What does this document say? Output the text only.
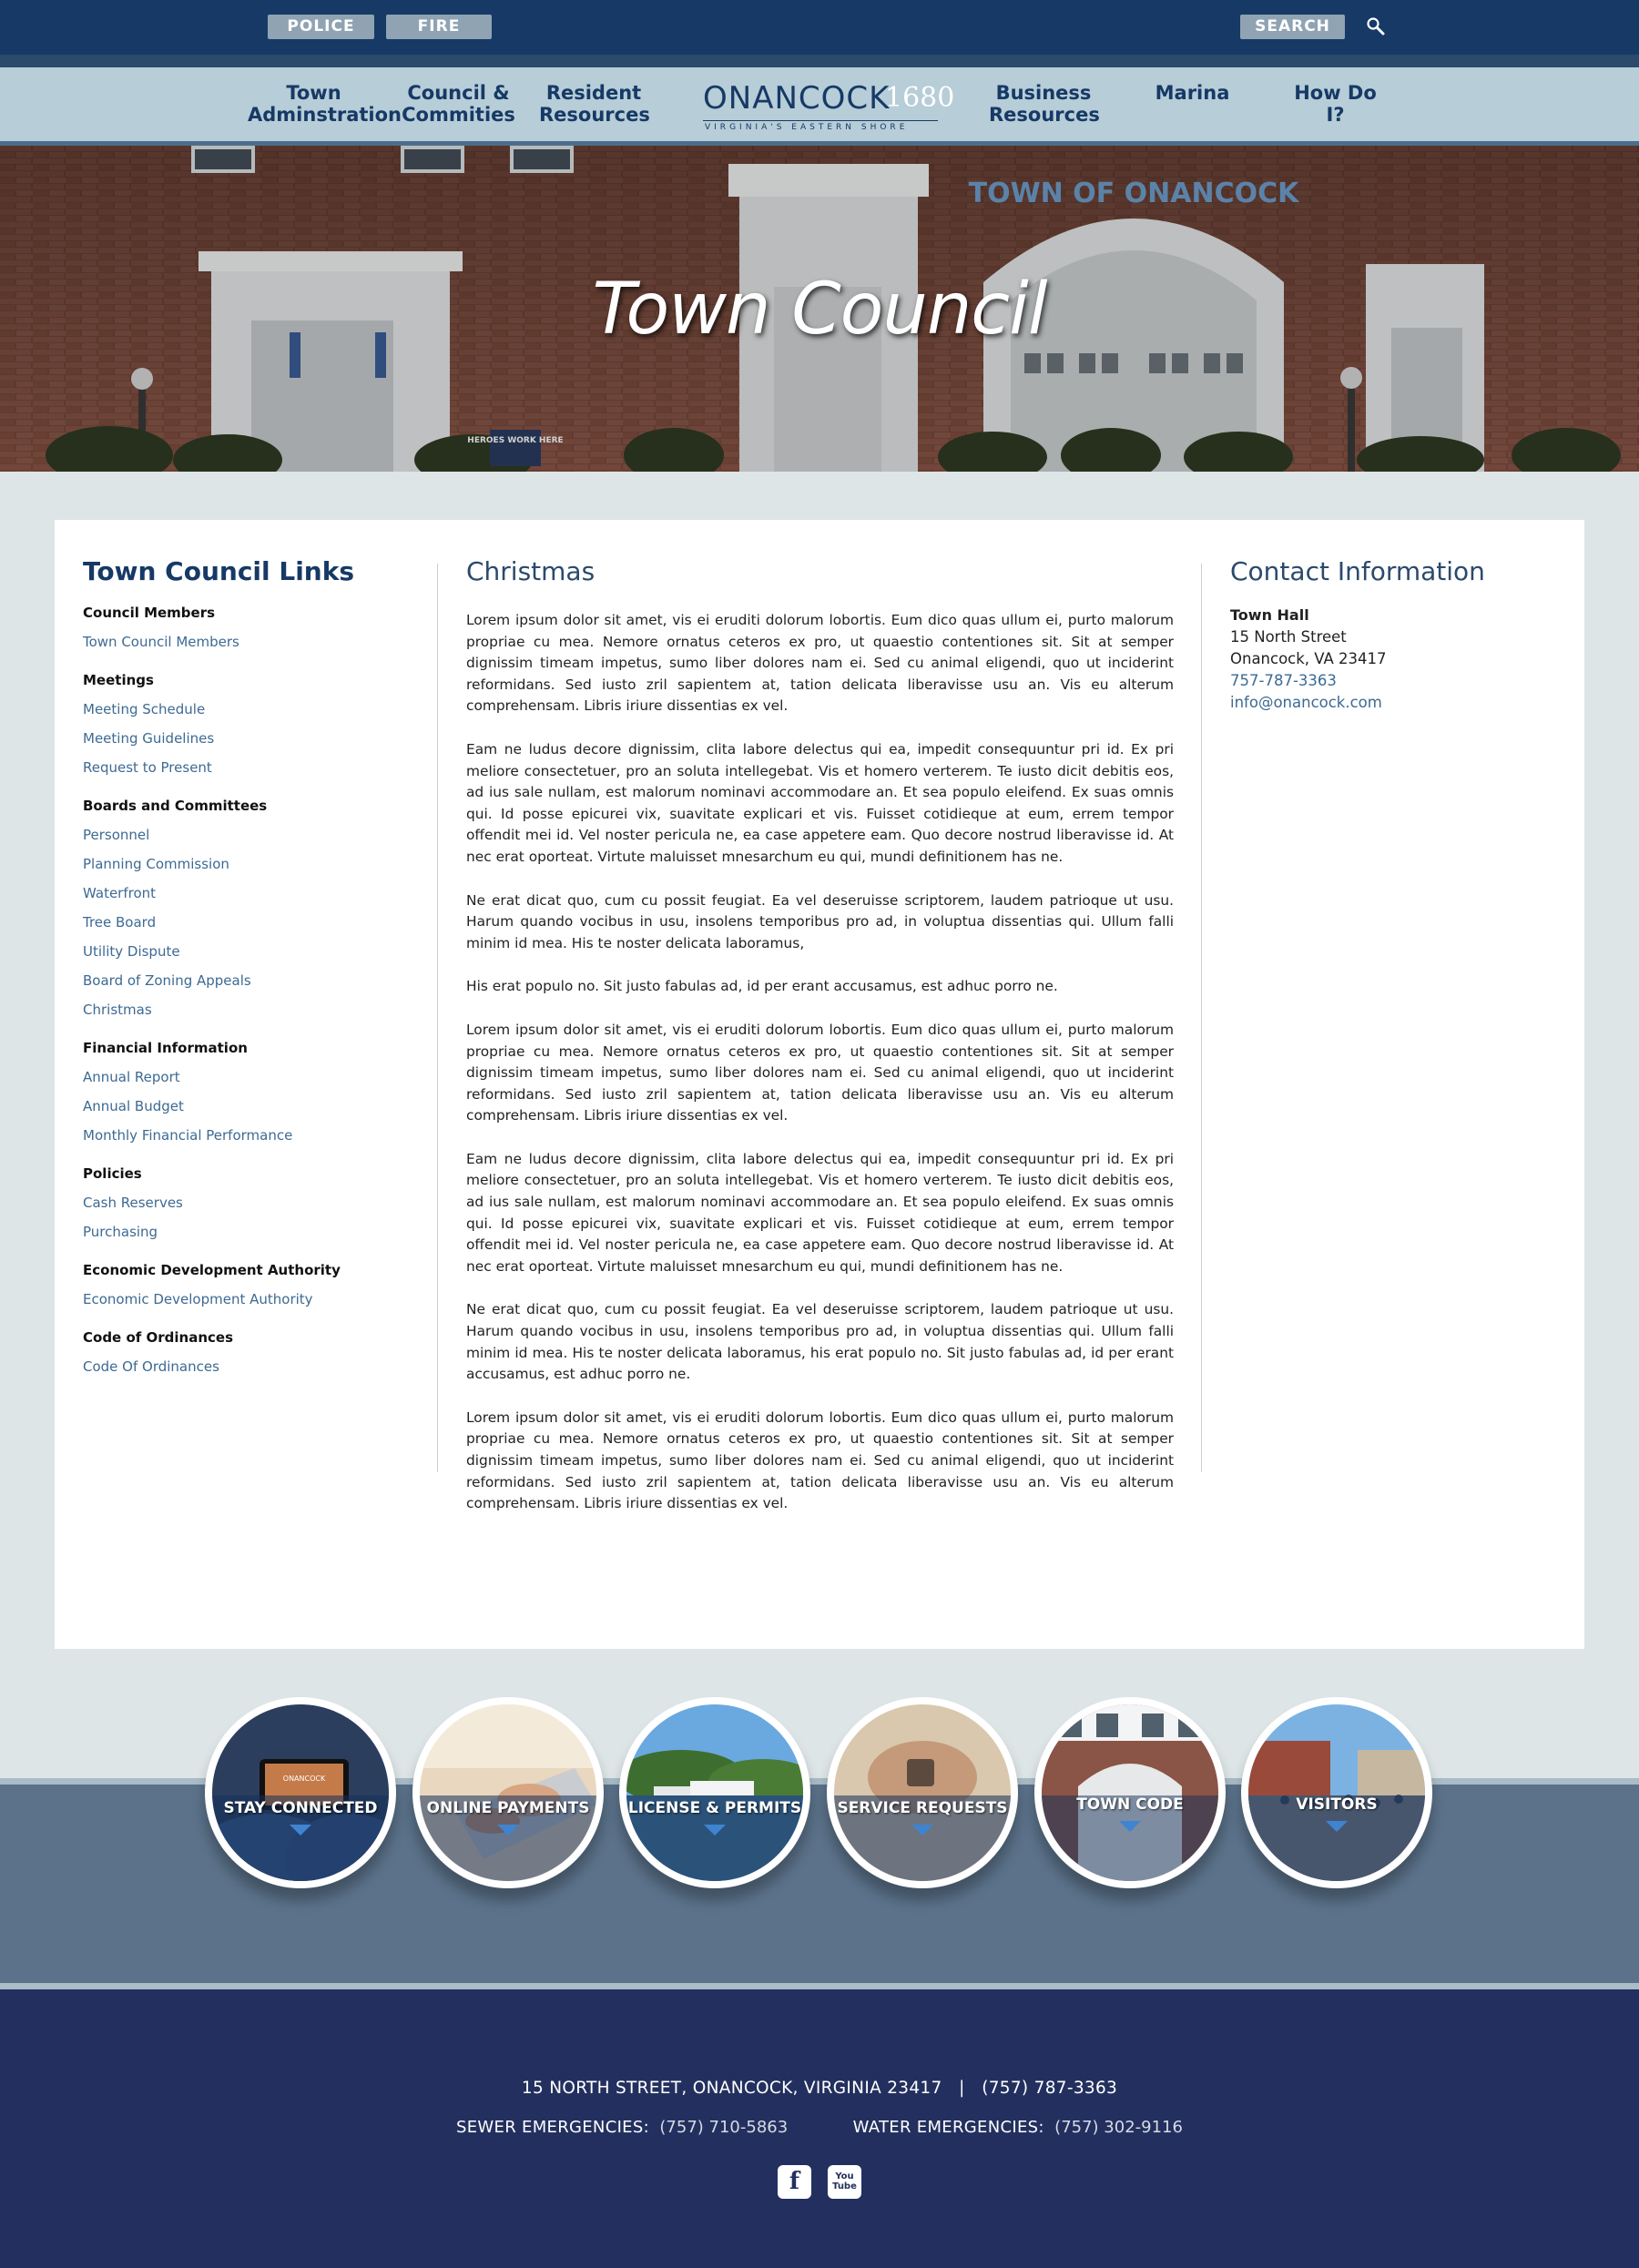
POLICE	FIRE	SEARCH
Town
Adminstration
Council &
Commities
Resident
Resources ONANCOCK
1680
VIRGINIA'S EASTERN SHORE
Business
Resources
Marina	How Do I?
TOWN OF ONANCOCK
HEROES WORK HERE
Town Council
Town Council Links
Council Members
Town Council Members
Meetings
Meeting Schedule
Meeting Guidelines
Request to Present
Boards and Committees
Personnel
Planning Commission
Waterfront
Tree Board
Utility Dispute
Board of Zoning Appeals
Christmas
Financial Information
Annual Report
Annual Budget
Monthly Financial Performance
Policies
Cash Reserves
Purchasing
Economic Development Authority
Economic Development Authority
Code of Ordinances
Code Of Ordinances
Christmas

Lorem ipsum dolor sit amet, vis ei eruditi dolorum lobortis. Eum dico quas ullum ei, purto malorum propriae cu mea. Nemore ornatus ceteros ex pro, ut quaestio contentiones sit. Sit at semper dignissim timeam impetus, sumo liber dolores nam ei. Sed cu animal eligendi, quo ut inciderint reformidans. Sed iusto zril sapientem at, tation delicata liberavisse usu an. Vis eu alterum comprehensam. Libris iriure dissentias ex vel.

Eam ne ludus decore dignissim, clita labore delectus qui ea, impedit consequuntur pri id. Ex pri meliore consectetuer, pro an soluta intellegebat. Vis et homero verterem. Te iusto dicit debitis eos, ad ius sale nullam, est malorum nominavi accommodare an. Et sea populo eleifend. Ex suas omnis qui. Id posse epicurei vix, suavitate explicari et vis. Fuisset cotidieque at eum, errem tempor offendit mei id. Vel noster pericula ne, ea case appetere eam. Quo decore nostrud liberavisse id. At nec erat oporteat. Virtute maluisset mnesarchum eu qui, mundi definitionem has ne.

Ne erat dicat quo, cum cu possit feugiat. Ea vel deseruisse scriptorem, laudem patrioque ut usu. Harum quando vocibus in usu, insolens temporibus pro ad, in voluptua dissentias qui. Ullum falli minim id mea. His te noster delicata laboramus,

His erat populo no. Sit justo fabulas ad, id per erant accusamus, est adhuc porro ne.

Lorem ipsum dolor sit amet, vis ei eruditi dolorum lobortis. Eum dico quas ullum ei, purto malorum propriae cu mea. Nemore ornatus ceteros ex pro, ut quaestio contentiones sit. Sit at semper dignissim timeam impetus, sumo liber dolores nam ei. Sed cu animal eligendi, quo ut inciderint reformidans. Sed iusto zril sapientem at, tation delicata liberavisse usu an. Vis eu alterum comprehensam. Libris iriure dissentias ex vel.

Eam ne ludus decore dignissim, clita labore delectus qui ea, impedit consequuntur pri id. Ex pri meliore consectetuer, pro an soluta intellegebat. Vis et homero verterem. Te iusto dicit debitis eos, ad ius sale nullam, est malorum nominavi accommodare an. Et sea populo eleifend. Ex suas omnis qui. Id posse epicurei vix, suavitate explicari et vis. Fuisset cotidieque at eum, errem tempor offendit mei id. Vel noster pericula ne, ea case appetere eam. Quo decore nostrud liberavisse id. At nec erat oporteat. Virtute maluisset mnesarchum eu qui, mundi definitionem has ne.

Ne erat dicat quo, cum cu possit feugiat. Ea vel deseruisse scriptorem, laudem patrioque ut usu. Harum quando vocibus in usu, insolens temporibus pro ad, in voluptua dissentias qui. Ullum falli minim id mea. His te noster delicata laboramus, his erat populo no. Sit justo fabulas ad, id per erant accusamus, est adhuc porro ne.

Lorem ipsum dolor sit amet, vis ei eruditi dolorum lobortis. Eum dico quas ullum ei, purto malorum propriae cu mea. Nemore ornatus ceteros ex pro, ut quaestio contentiones sit. Sit at semper dignissim timeam impetus, sumo liber dolores nam ei. Sed cu animal eligendi, quo ut inciderint reformidans. Sed iusto zril sapientem at, tation delicata liberavisse usu an. Vis eu alterum comprehensam. Libris iriure dissentias ex vel.

Contact Information
Town Hall
15 North Street
Onancock, VA 23417
757-787-3363
info@onancock.com
ONANCOCK
STAY CONNECTED	ONLINE PAYMENTS	LICENSE & PERMITS SERVICE REQUESTS	TOWN CODE	VISITORS
15 NORTH STREET, ONANCOCK, VIRGINIA 23417 | (757) 787-3363
SEWER EMERGENCIES: (757) 710-5863	WATER EMERGENCIES: (757) 302-9116
f	You Tube
